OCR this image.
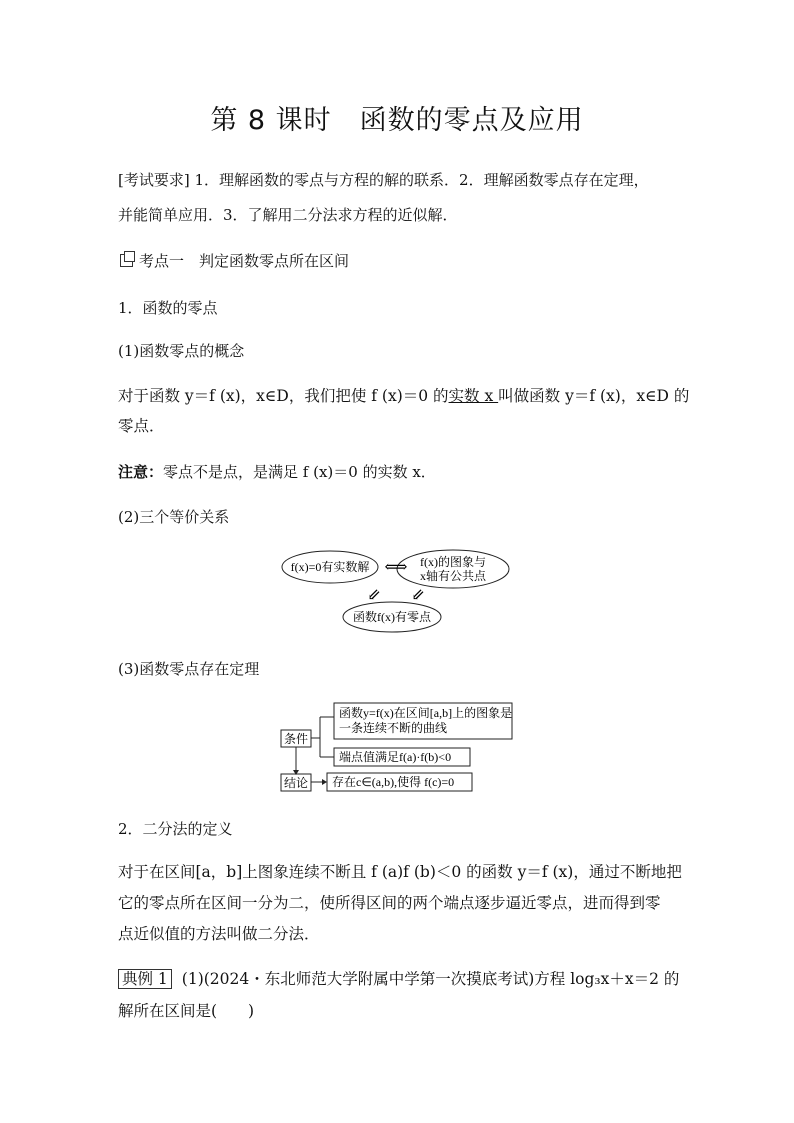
第 8 课时　函数的零点及应用
[考试要求] 1．理解函数的零点与方程的解的联系．2．理解函数零点存在定理，
并能简单应用．3．了解用二分法求方程的近似解．
考点一　判定函数零点所在区间
1．函数的零点
(1)函数零点的概念
对于函数 y＝f (x)，x∈D，我们把使 f (x)＝0 的实数 x 叫做函数 y＝f (x)，x∈D 的
零点．
注意：零点不是点，是满足 f (x)＝0 的实数 x．
(2)三个等价关系
f(x)=0有实数解	f(x)的图象与
x轴有公共点
函数f(x)有零点
⟺
⇙ ⇙
(3)函数零点存在定理
条件
结论
函数y=f(x)在区间[a,b]上的图象是
一条连续不断的曲线
端点值满足f(a)·f(b)<0
存在c∈(a,b),使得 f(c)=0
2．二分法的定义
对于在区间[a，b]上图象连续不断且 f (a)f (b)＜0 的函数 y＝f (x)，通过不断地把
它的零点所在区间一分为二，使所得区间的两个端点逐步逼近零点，进而得到零
点近似值的方法叫做二分法．
典例 1 (1)(2024・东北师范大学附属中学第一次摸底考试)方程 log₃x＋x＝2 的
解所在区间是(　　)
